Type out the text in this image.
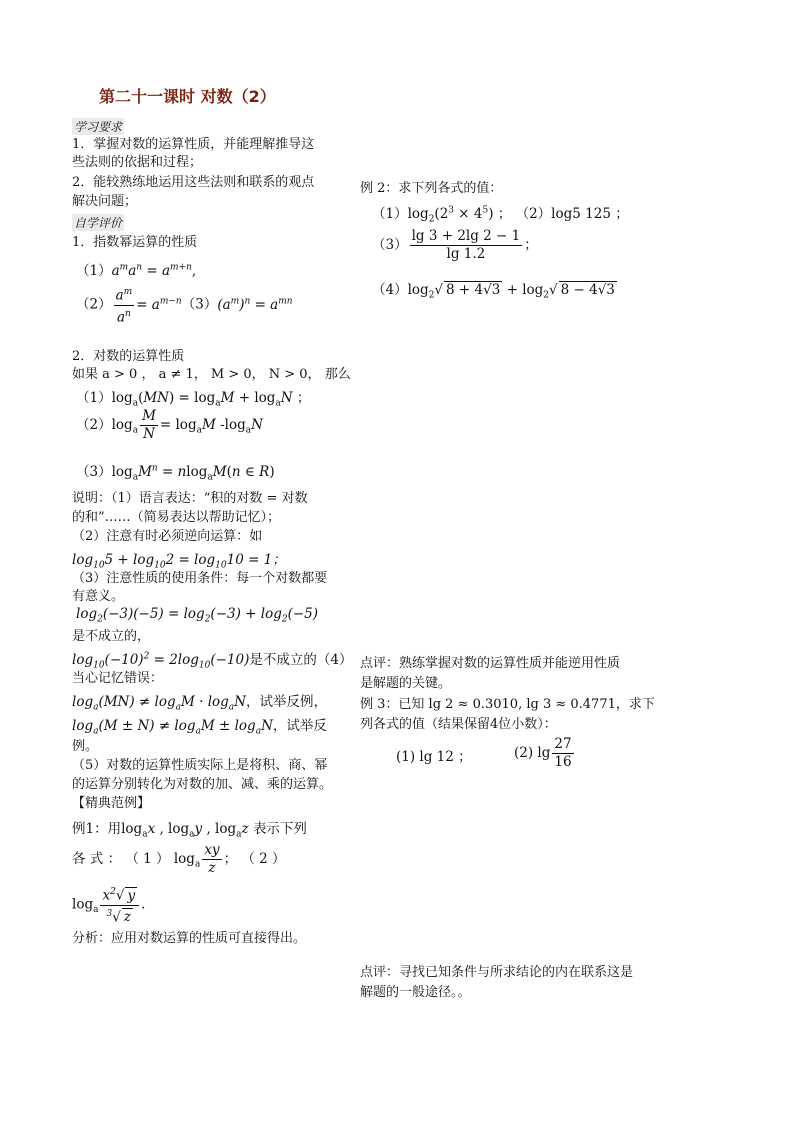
第二十一课时 对数（2）
学习要求
1．掌握对数的运算性质，并能理解推导这
些法则的依据和过程；
2．能较熟练地运用这些法则和联系的观点
解决问题；
自学评价
1．指数幂运算的性质
$(1)a^ma^n = a^{m+n}$,
$(2) \frac{a^m}{a^n} = a^{m-n}(3)(a^m)^n = a^{mn}$
2．对数的运算性质
如果 a > 0 ， a ≠ 1， M > 0， N > 0， 那么
$(1)\log_a(MN) = \log_aM + \log_aN$ ；
$(2)\log_a \frac{M}{N} = \log_aM$ $-\log_aN$
$(3)\log_aM^n = nlog_aM(n$ ∈ R)
说明：（1）语言表达：“积的对数 = 对数
的和”……（简易表达以帮助记忆）；
（2）注意有时必须逆向运算：如
$\log_{10}5 + \log_{10}2 = \log_{10}10 = 1$；
（3）注意性质的使用条件：每一个对数都要
有意义。
$\log_2(-3)(-5) = \log_2(-3) + \log_2(-5)$
是不成立的，
$\log_{10}(-10)^2 = 2\log_{10}(-10)$是不成立的（4）
当心记忆错误：
$\log_a(MN) \ne \log_aM \cdot \log_aN$，试举反例，
$\log_a(M \pm N) \ne \log_aM \pm \log_aN$，试举反
例。
（5）对数的运算性质实际上是将积、商、幂
的运算分别转化为对数的加、减、乘的运算。
【精典范例】
例1：用$\log_ax$ , $\log_ay$ , $\log_az$ 表示下列
各 式 ： （ 1 ） $\log_a \frac{xy}{z}$ ； （ 2 ）
$\log_a \frac{x^2√ y}{^3√ z}$ .
分析：应用对数运算的性质可直接得出。
例 2：求下列各式的值：
$(1)\log_2(2^3 \times 4^5)$ ； （2）log5 125 ；
$(3) \frac{\lg 3 + 2\lg 2 - 1}{\lg 1.2}$ ；
$(4)\log_2√$ $8 + 4√3 + \log_2√$ 8 − 4√3
点评：熟练掌握对数的运算性质并能逆用性质
是解题的关键。
例 3：已知 lg 2 ≈ 0.3010, lg 3 ≈ 0.4771，求下
列各式的值（结果保留4位小数）：
(1) lg 12 ；	(2) $\lg \frac{27}{16}$
点评：寻找已知条件与所求结论的内在联系这是
解题的一般途径。。
